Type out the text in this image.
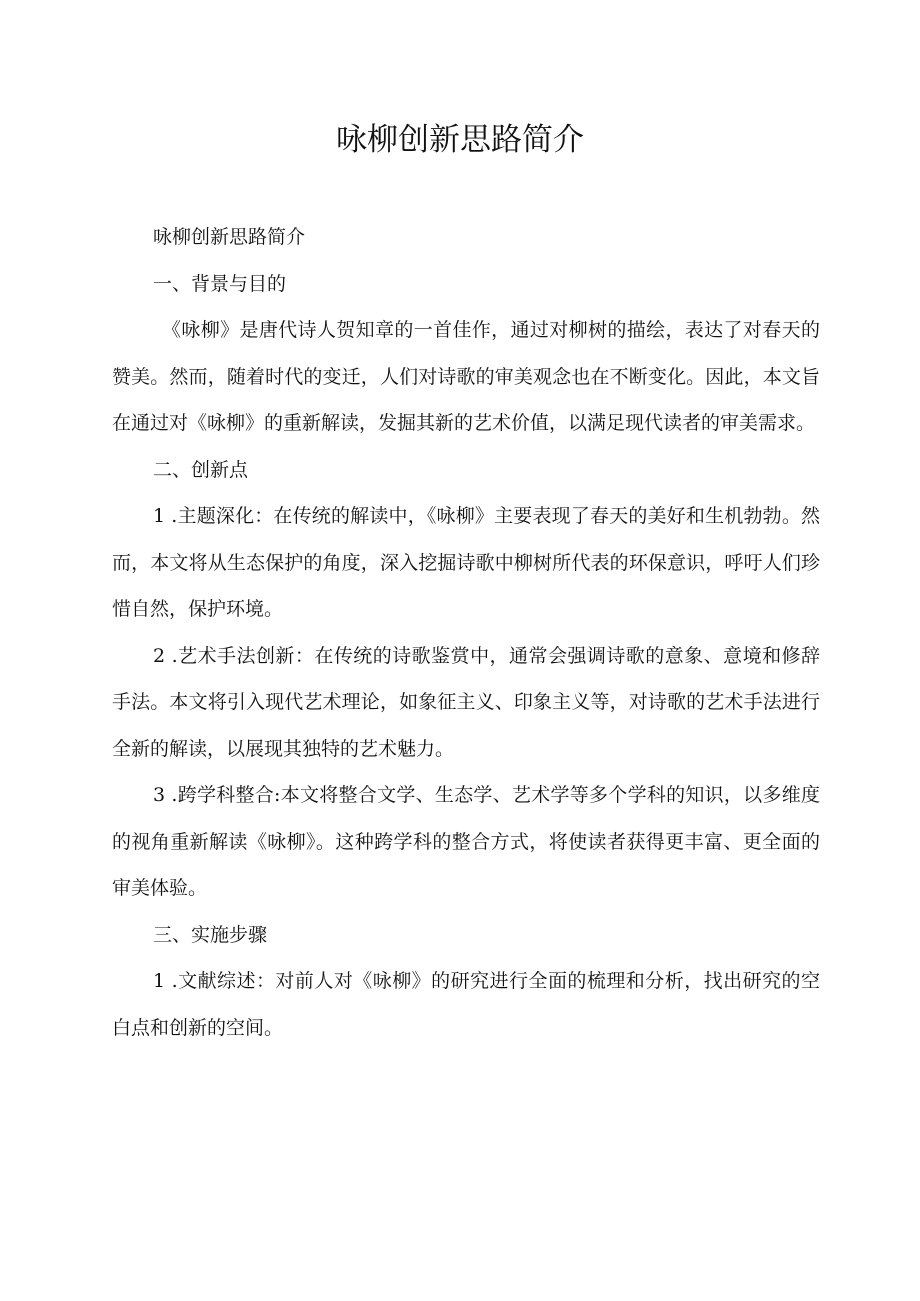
咏柳创新思路简介

咏柳创新思路简介

一、背景与目的

《咏柳》是唐代诗人贺知章的一首佳作，通过对柳树的描绘，表达了对春天的赞美。然而，随着时代的变迁，人们对诗歌的审美观念也在不断变化。因此，本文旨在通过对《咏柳》的重新解读，发掘其新的艺术价值，以满足现代读者的审美需求。

二、创新点

1 .主题深化：在传统的解读中，《咏柳》主要表现了春天的美好和生机勃勃。然而，本文将从生态保护的角度，深入挖掘诗歌中柳树所代表的环保意识，呼吁人们珍惜自然，保护环境。

2 .艺术手法创新：在传统的诗歌鉴赏中，通常会强调诗歌的意象、意境和修辞手法。本文将引入现代艺术理论，如象征主义、印象主义等，对诗歌的艺术手法进行全新的解读，以展现其独特的艺术魅力。

3 .跨学科整合:本文将整合文学、生态学、艺术学等多个学科的知识，以多维度的视角重新解读《咏柳》。这种跨学科的整合方式，将使读者获得更丰富、更全面的审美体验。

三、实施步骤

1 .文献综述：对前人对《咏柳》的研究进行全面的梳理和分析，找出研究的空白点和创新的空间。
